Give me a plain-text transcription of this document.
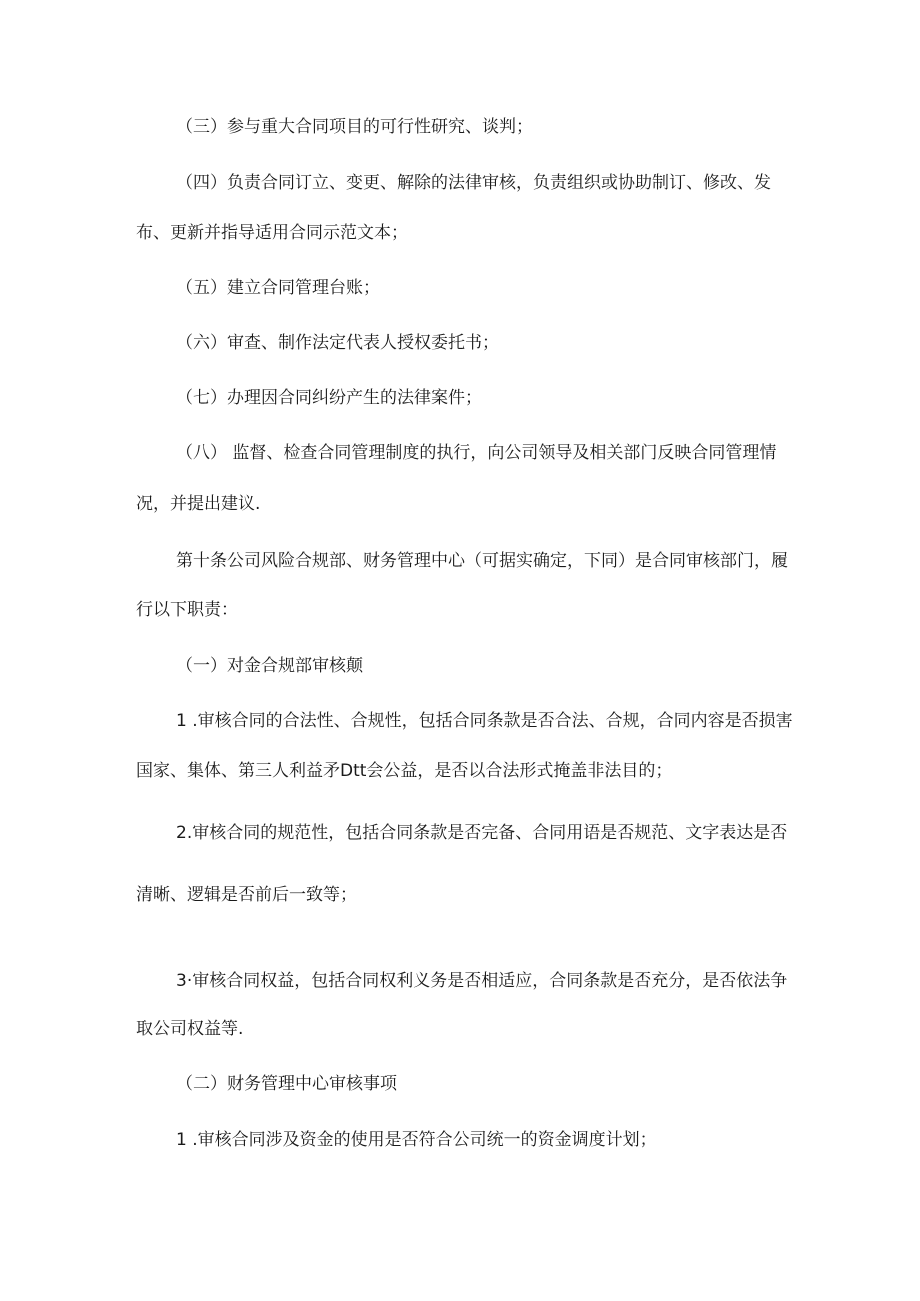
（三）参与重大合同项目的可行性研究、谈判；
（四）负责合同订立、变更、解除的法律审核，负责组织或协助制订、修改、发
布、更新并指导适用合同示范文本；
（五）建立合同管理台账；
（六）审查、制作法定代表人授权委托书；
（七）办理因合同纠纷产生的法律案件；
（八） 监督、检查合同管理制度的执行，向公司领导及相关部门反映合同管理情
况，并提出建议.
第十条公司风险合规部、财务管理中心（可据实确定，下同）是合同审核部门，履
行以下职责：
（一）对金合规部审核颠
1 .审核合同的合法性、合规性，包括合同条款是否合法、合规，合同内容是否损害
国家、集体、第三人利益矛Dtt会公益，是否以合法形式掩盖非法目的；
2.审核合同的规范性，包括合同条款是否完备、合同用语是否规范、文字表达是否
清晰、逻辑是否前后一致等；
3·审核合同权益，包括合同权利义务是否相适应，合同条款是否充分，是否依法争
取公司权益等.
（二）财务管理中心审核事项
1 .审核合同涉及资金的使用是否符合公司统一的资金调度计划；
